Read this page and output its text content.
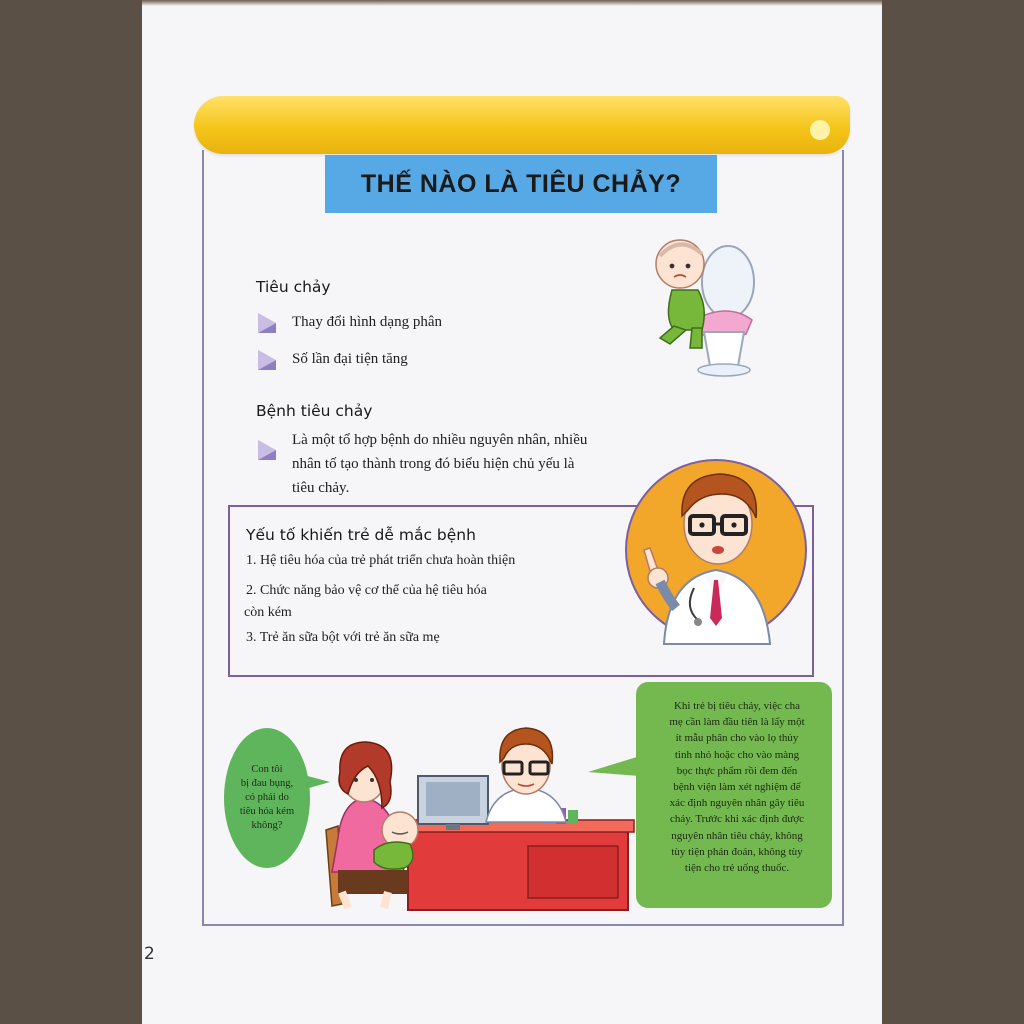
THẾ NÀO LÀ TIÊU CHẢY?
Tiêu chảy
Thay đổi hình dạng phân
Số lần đại tiện tăng
Bệnh tiêu chảy
Là một tổ hợp bệnh do nhiều nguyên nhân, nhiều
nhân tố tạo thành trong đó biểu hiện chủ yếu là
tiêu chảy.
Yếu tố khiến trẻ dễ mắc bệnh
1. Hệ tiêu hóa của trẻ phát triển chưa hoàn thiện
2. Chức năng bảo vệ cơ thể của hệ tiêu hóa
còn kém
3. Trẻ ăn sữa bột với trẻ ăn sữa mẹ
Con tôi
bị đau bụng,
có phải do
tiêu hóa kém
không?
Khi trẻ bị tiêu chảy, việc cha
mẹ cần làm đầu tiên là lấy một
ít mẫu phân cho vào lọ thủy
tinh nhỏ hoặc cho vào màng
bọc thực phẩm rồi đem đến
bệnh viện làm xét nghiệm để
xác định nguyên nhân gây tiêu
chảy. Trước khi xác định được
nguyên nhân tiêu chảy, không
tùy tiện phán đoán, không tùy
tiện cho trẻ uống thuốc.
2
